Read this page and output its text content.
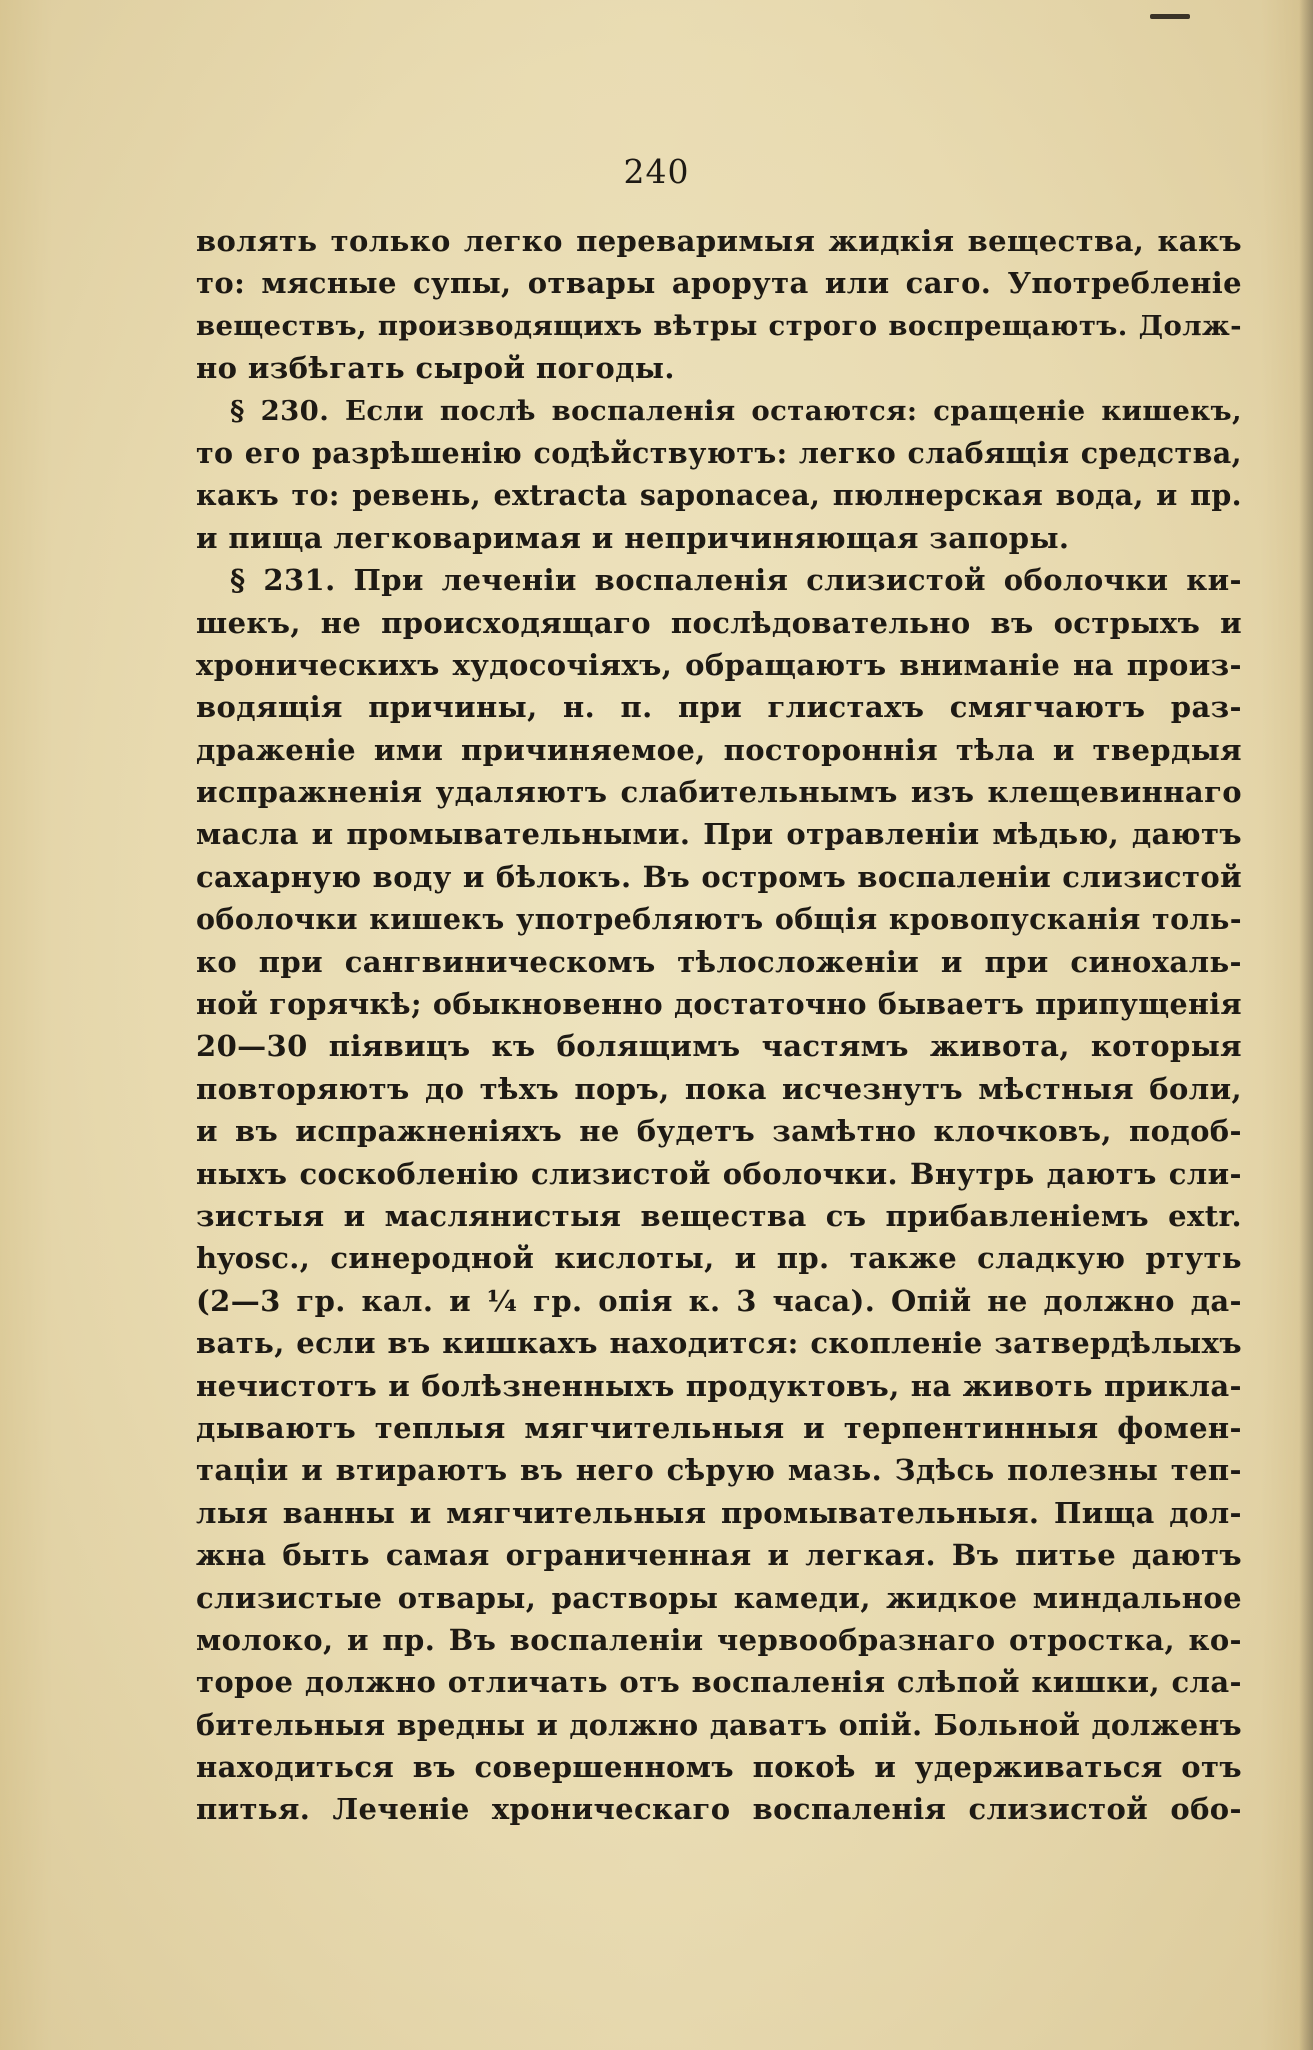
240
волять только легко переваримыя жидкія вещества, какъ
то: мясные супы, отвары арорута или саго. Употребленіе
веществъ, производящихъ вѣтры строго воспрещаютъ. Долж-
но избѣгать сырой погоды.
§ 230. Если послѣ воспаленія остаются: сращеніе кишекъ,
то его разрѣшенію содѣйствуютъ: легко слабящія средства,
какъ то: ревень, extracta saponacea, пюлнерская вода, и пр.
и пища легковаримая и непричиняющая запоры.
§ 231. При леченіи воспаленія слизистой оболочки ки-
шекъ, не происходящаго послѣдовательно въ острыхъ и
хроническихъ худосочіяхъ, обращаютъ вниманіе на произ-
водящія причины, н. п. при глистахъ смягчаютъ раз-
драженіе ими причиняемое, постороннія тѣла и твердыя
испражненія удаляютъ слабительнымъ изъ клещевиннаго
масла и промывательными. При отравленіи мѣдью, даютъ
сахарную воду и бѣлокъ. Въ остромъ воспаленіи слизистой
оболочки кишекъ употребляютъ общія кровопусканія толь-
ко при сангвиническомъ тѣлосложеніи и при синохаль-
ной горячкѣ; обыкновенно достаточно бываетъ припущенія
20—30 піявицъ къ болящимъ частямъ живота, которыя
повторяютъ до тѣхъ поръ, пока исчезнутъ мѣстныя боли,
и въ испражненіяхъ не будетъ замѣтно клочковъ, подоб-
ныхъ соскобленію слизистой оболочки. Внутрь даютъ сли-
зистыя и маслянистыя вещества съ прибавленіемъ extr.
hyosc., синеродной кислоты, и пр. также сладкую ртуть
(2—3 гр. кал. и ¼ гр. опія к. 3 часа). Опій не должно да-
вать, если въ кишкахъ находится: скопленіе затвердѣлыхъ
нечистотъ и болѣзненныхъ продуктовъ, на животь прикла-
дываютъ теплыя мягчительныя и терпентинныя фомен-
таціи и втираютъ въ него сѣрую мазь. Здѣсь полезны теп-
лыя ванны и мягчительныя промывательныя. Пища дол-
жна быть самая ограниченная и легкая. Въ питье даютъ
слизистые отвары, растворы камеди, жидкое миндальное
молоко, и пр. Въ воспаленіи червообразнаго отростка, ко-
торое должно отличать отъ воспаленія слѣпой кишки, сла-
бительныя вредны и должно даватъ опій. Больной долженъ
находиться въ совершенномъ покоѣ и удерживаться отъ
питья. Леченіе хроническаго воспаленія слизистой обо-
